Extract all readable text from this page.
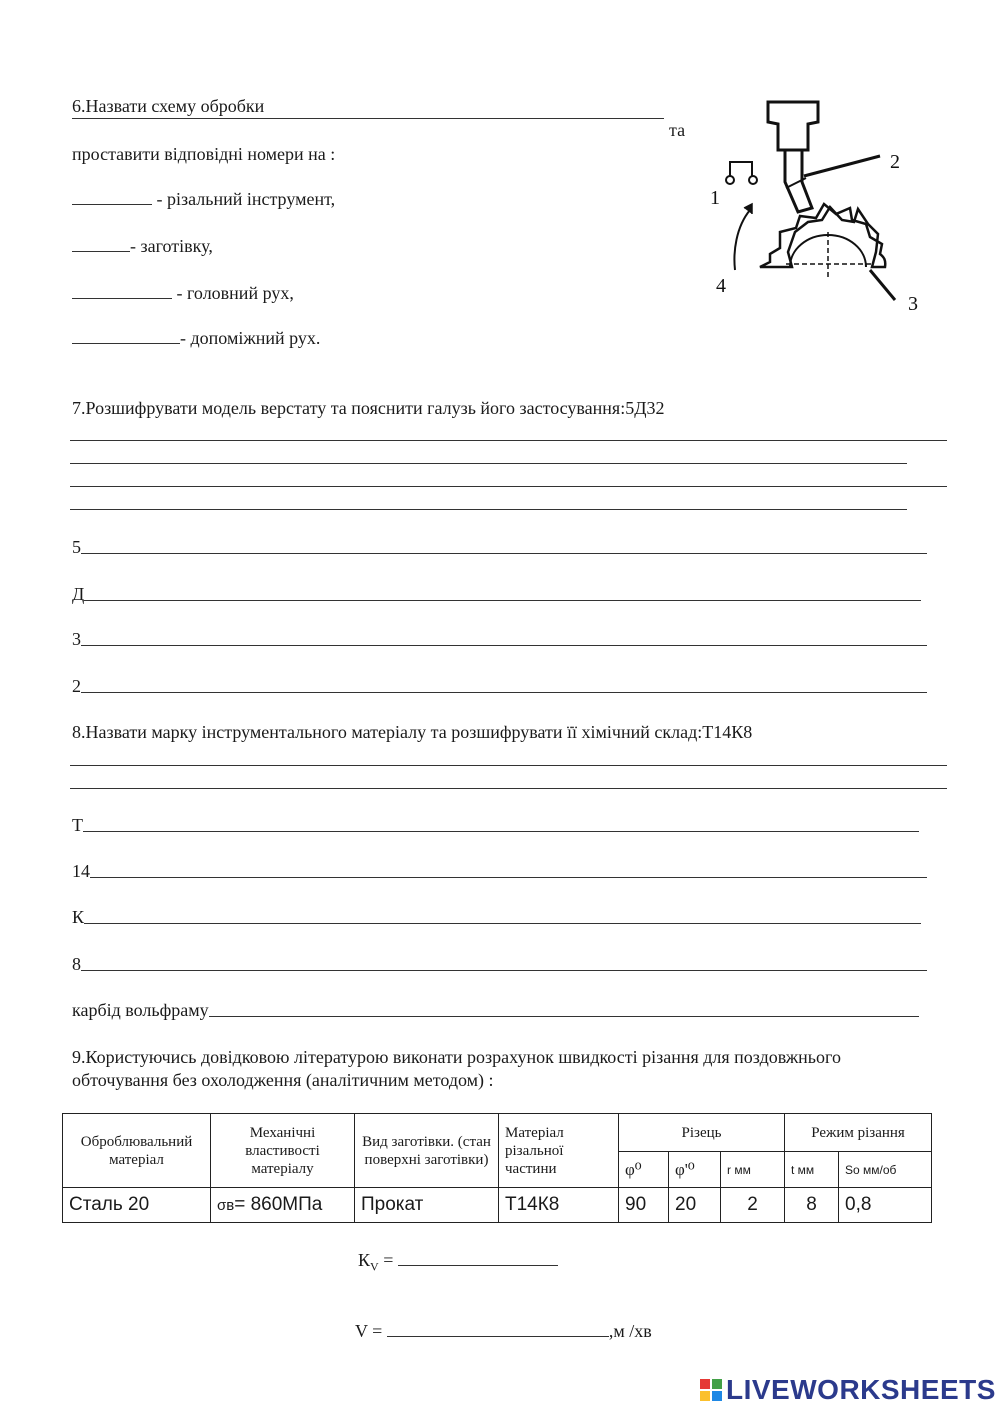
6.Назвати схему обробки
та
проставити відповідні номери на :
- різальний інструмент,
- заготівку,
- головний рух,
- допоміжний рух.
1
2
3
4
7.Розшифрувати модель верстату та пояснити галузь його застосування:5Д32
5
Д
3
2
8.Назвати марку інструментального матеріалу та розшифрувати її хімічний склад:Т14К8
Т
14
К
8
карбід вольфраму
9.Користуючись довідковою літературою виконати розрахунок швидкості різання для поздовжнього
обточування без охолодження (аналітичним методом) :
Оброблювальний матеріал	Механічні властивості матеріалу	Вид заготівки. (стан поверхні заготівки)	Матеріал різальної частини	Різець			Режим різання	
				φ⁰	φ'⁰	r мм	t мм	So мм/об
Сталь 20	σв= 860МПа	Прокат	Т14К8	90	20	2	8	0,8
$К_V$ =
V =	,м /хв
LIVEWORKSHEETS
